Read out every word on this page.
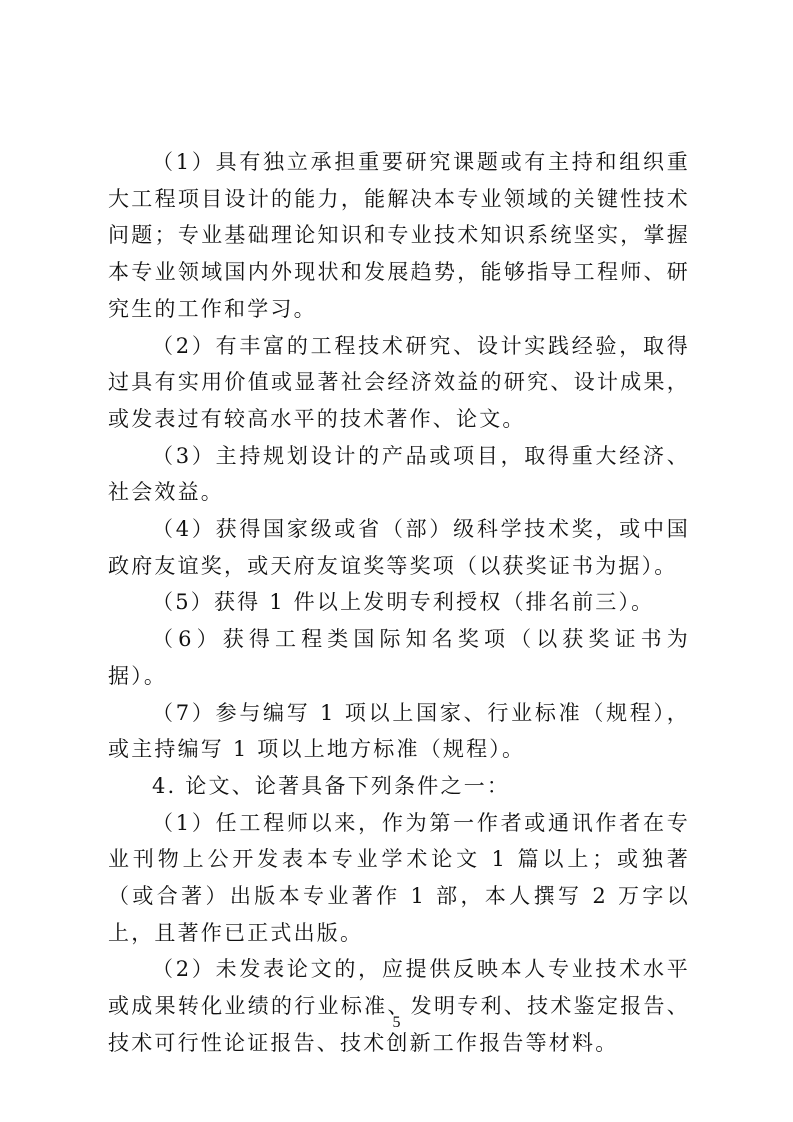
（1）具有独立承担重要研究课题或有主持和组织重大工程项目设计的能力，能解决本专业领域的关键性技术问题；专业基础理论知识和专业技术知识系统坚实，掌握本专业领域国内外现状和发展趋势，能够指导工程师、研究生的工作和学习。

（2）有丰富的工程技术研究、设计实践经验，取得过具有实用价值或显著社会经济效益的研究、设计成果，或发表过有较高水平的技术著作、论文。

（3）主持规划设计的产品或项目，取得重大经济、社会效益。

（4）获得国家级或省（部）级科学技术奖，或中国政府友谊奖，或天府友谊奖等奖项（以获奖证书为据）。

（5）获得 1 件以上发明专利授权（排名前三）。

（6）获得工程类国际知名奖项（以获奖证书为据）。

（7）参与编写 1 项以上国家、行业标准（规程），或主持编写 1 项以上地方标准（规程）。

4. 论文、论著具备下列条件之一：

（1）任工程师以来，作为第一作者或通讯作者在专业刊物上公开发表本专业学术论文 1 篇以上；或独著（或合著）出版本专业著作 1 部，本人撰写 2 万字以上，且著作已正式出版。

（2）未发表论文的，应提供反映本人专业技术水平或成果转化业绩的行业标准、发明专利、技术鉴定报告、技术可行性论证报告、技术创新工作报告等材料。

5
